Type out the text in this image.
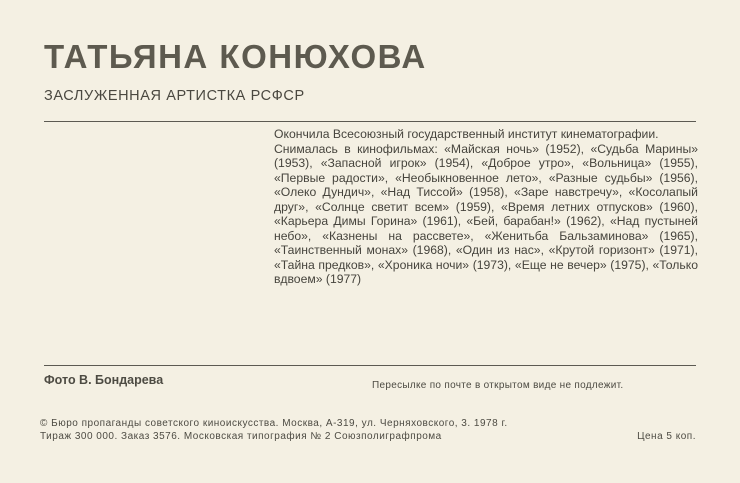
ТАТЬЯНА КОНЮХОВА
ЗАСЛУЖЕННАЯ АРТИСТКА РСФСР

Окончила Всесоюзный государственный институт кинематографии.

Снималась в кинофильмах: «Майская ночь» (1952), «Судьба Марины» (1953), «Запасной игрок» (1954), «Доброе утро», «Вольница» (1955), «Первые радости», «Необыкновенное лето», «Разные судьбы» (1956), «Олеко Дундич», «Над Тиссой» (1958), «Заре навстречу», «Косолапый друг», «Солнце светит всем» (1959), «Время летних отпусков» (1960), «Карьера Димы Горина» (1961), «Бей, барабан!» (1962), «Над пустыней небо», «Казнены на рассвете», «Женитьба Бальзаминова» (1965), «Таинственный монах» (1968), «Один из нас», «Крутой горизонт» (1971), «Тайна предков», «Хроника ночи» (1973), «Еще не вечер» (1975), «Только вдвоем» (1977)

Фото В. Бондарева	Пересылке по почте в открытом виде не подлежит.
© Бюро пропаганды советского киноискусства. Москва, А-319, ул. Черняховского, 3. 1978 г.
Тираж 300 000. Заказ 3576. Московская типография № 2 Союзполиграфпрома	Цена 5 коп.
